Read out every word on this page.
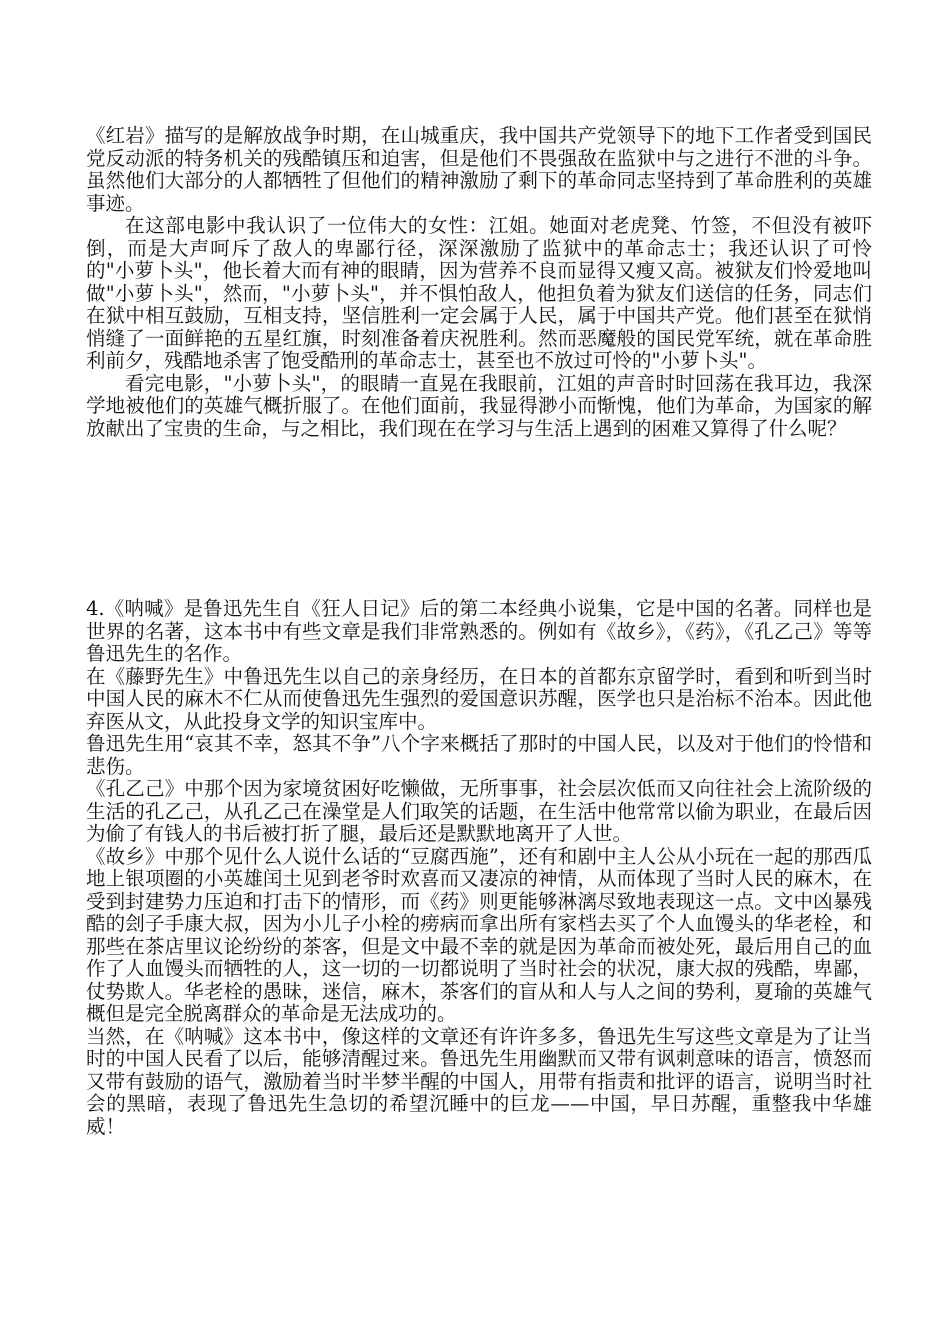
《红岩》描写的是解放战争时期，在山城重庆，我中国共产党领导下的地下工作者受到国民党反动派的特务机关的残酷镇压和迫害，但是他们不畏强敌在监狱中与之进行不泄的斗争。虽然他们大部分的人都牺牲了但他们的精神激励了剩下的革命同志坚持到了革命胜利的英雄事迹。

在这部电影中我认识了一位伟大的女性：江姐。她面对老虎凳、竹签，不但没有被吓倒，而是大声呵斥了敌人的卑鄙行径，深深激励了监狱中的革命志士；我还认识了可怜的"小萝卜头"，他长着大而有神的眼睛，因为营养不良而显得又瘦又高。被狱友们怜爱地叫做"小萝卜头"，然而，"小萝卜头"，并不惧怕敌人，他担负着为狱友们送信的任务，同志们在狱中相互鼓励，互相支持，坚信胜利一定会属于人民，属于中国共产党。他们甚至在狱悄悄缝了一面鲜艳的五星红旗，时刻准备着庆祝胜利。然而恶魔般的国民党军统，就在革命胜利前夕，残酷地杀害了饱受酷刑的革命志士，甚至也不放过可怜的"小萝卜头"。

看完电影，"小萝卜头"，的眼睛一直晃在我眼前，江姐的声音时时回荡在我耳边，我深学地被他们的英雄气概折服了。在他们面前，我显得渺小而惭愧，他们为革命，为国家的解放献出了宝贵的生命，与之相比，我们现在在学习与生活上遇到的困难又算得了什么呢？

4.《呐喊》是鲁迅先生自《狂人日记》后的第二本经典小说集，它是中国的名著。同样也是世界的名著，这本书中有些文章是我们非常熟悉的。例如有《故乡》，《药》，《孔乙己》等等鲁迅先生的名作。

在《藤野先生》中鲁迅先生以自己的亲身经历，在日本的首都东京留学时，看到和听到当时中国人民的麻木不仁从而使鲁迅先生强烈的爱国意识苏醒，医学也只是治标不治本。因此他弃医从文，从此投身文学的知识宝库中。

鲁迅先生用“哀其不幸，怒其不争”八个字来概括了那时的中国人民，以及对于他们的怜惜和悲伤。

《孔乙己》中那个因为家境贫困好吃懒做，无所事事，社会层次低而又向往社会上流阶级的生活的孔乙己，从孔乙己在澡堂是人们取笑的话题，在生活中他常常以偷为职业，在最后因为偷了有钱人的书后被打折了腿，最后还是默默地离开了人世。

《故乡》中那个见什么人说什么话的“豆腐西施”，还有和剧中主人公从小玩在一起的那西瓜地上银项圈的小英雄闰土见到老爷时欢喜而又凄凉的神情，从而体现了当时人民的麻木，在受到封建势力压迫和打击下的情形，而《药》则更能够淋漓尽致地表现这一点。文中凶暴残酷的刽子手康大叔，因为小儿子小栓的痨病而拿出所有家档去买了个人血馒头的华老栓，和那些在茶店里议论纷纷的茶客，但是文中最不幸的就是因为革命而被处死，最后用自己的血作了人血馒头而牺牲的人，这一切的一切都说明了当时社会的状况，康大叔的残酷，卑鄙，仗势欺人。华老栓的愚昧，迷信，麻木，茶客们的盲从和人与人之间的势利，夏瑜的英雄气概但是完全脱离群众的革命是无法成功的。

当然，在《呐喊》这本书中，像这样的文章还有许许多多，鲁迅先生写这些文章是为了让当时的中国人民看了以后，能够清醒过来。鲁迅先生用幽默而又带有讽刺意味的语言，愤怒而又带有鼓励的语气，激励着当时半梦半醒的中国人，用带有指责和批评的语言，说明当时社会的黑暗，表现了鲁迅先生急切的希望沉睡中的巨龙——中国，早日苏醒，重整我中华雄威！
